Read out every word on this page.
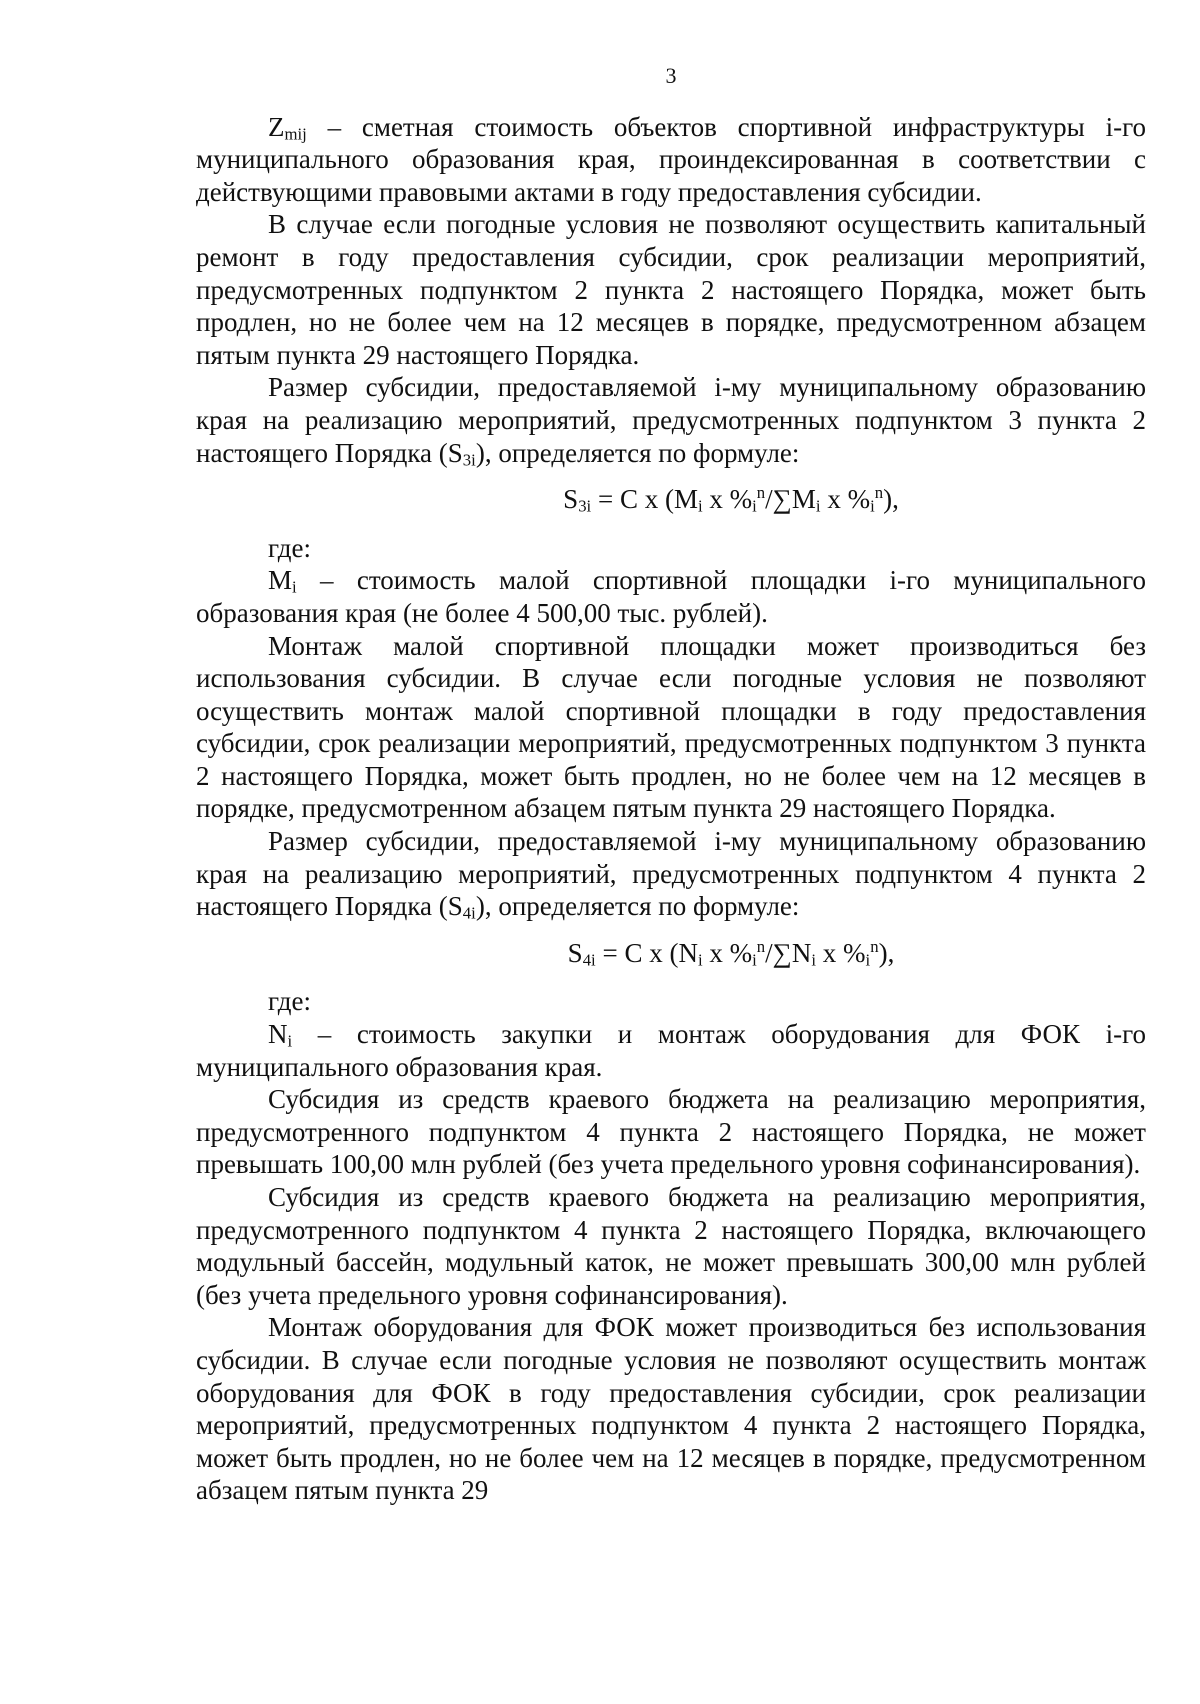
3

$Z_{mij}$ – сметная стоимость объектов спортивной инфраструктуры i-го муниципального образования края, проиндексированная в соответствии с действующими правовыми актами в году предоставления субсидии.

В случае если погодные условия не позволяют осуществить капитальный ремонт в году предоставления субсидии, срок реализации мероприятий, предусмотренных подпунктом 2 пункта 2 настоящего Порядка, может быть продлен, но не более чем на 12 месяцев в порядке, предусмотренном абзацем пятым пункта 29 настоящего Порядка.

Размер субсидии, предоставляемой i-му муниципальному образованию края на реализацию мероприятий, предусмотренных подпунктом 3 пункта 2 настоящего Порядка $(S_{3i})$, определяется по формуле:

$S_{3i} = C$ x ($M_i$ x $\%_i^n/\sum M_i$ x $\%_i^n$),

где:

$M_i$ – стоимость малой спортивной площадки i-го муниципального образования края (не более 4 500,00 тыс. рублей).

Монтаж малой спортивной площадки может производиться без использования субсидии. В случае если погодные условия не позволяют осуществить монтаж малой спортивной площадки в году предоставления субсидии, срок реализации мероприятий, предусмотренных подпунктом 3 пункта 2 настоящего Порядка, может быть продлен, но не более чем на 12 месяцев в порядке, предусмотренном абзацем пятым пункта 29 настоящего Порядка.

Размер субсидии, предоставляемой i-му муниципальному образованию края на реализацию мероприятий, предусмотренных подпунктом 4 пункта 2 настоящего Порядка $(S_{4i})$, определяется по формуле:

$S_{4i} = C$ x ($N_i$ x $\%_i^n/\sum N_i$ x $\%_i^n$),

где:

$N_i$ – стоимость закупки и монтаж оборудования для ФОК i-го муниципального образования края.

Субсидия из средств краевого бюджета на реализацию мероприятия, предусмотренного подпунктом 4 пункта 2 настоящего Порядка, не может превышать 100,00 млн рублей (без учета предельного уровня софинансирования).

Субсидия из средств краевого бюджета на реализацию мероприятия, предусмотренного подпунктом 4 пункта 2 настоящего Порядка, включающего модульный бассейн, модульный каток, не может превышать 300,00 млн рублей (без учета предельного уровня софинансирования).

Монтаж оборудования для ФОК может производиться без использования субсидии. В случае если погодные условия не позволяют осуществить монтаж оборудования для ФОК в году предоставления субсидии, срок реализации мероприятий, предусмотренных подпунктом 4 пункта 2 настоящего Порядка, может быть продлен, но не более чем на 12 месяцев в порядке, предусмотренном абзацем пятым пункта 29
